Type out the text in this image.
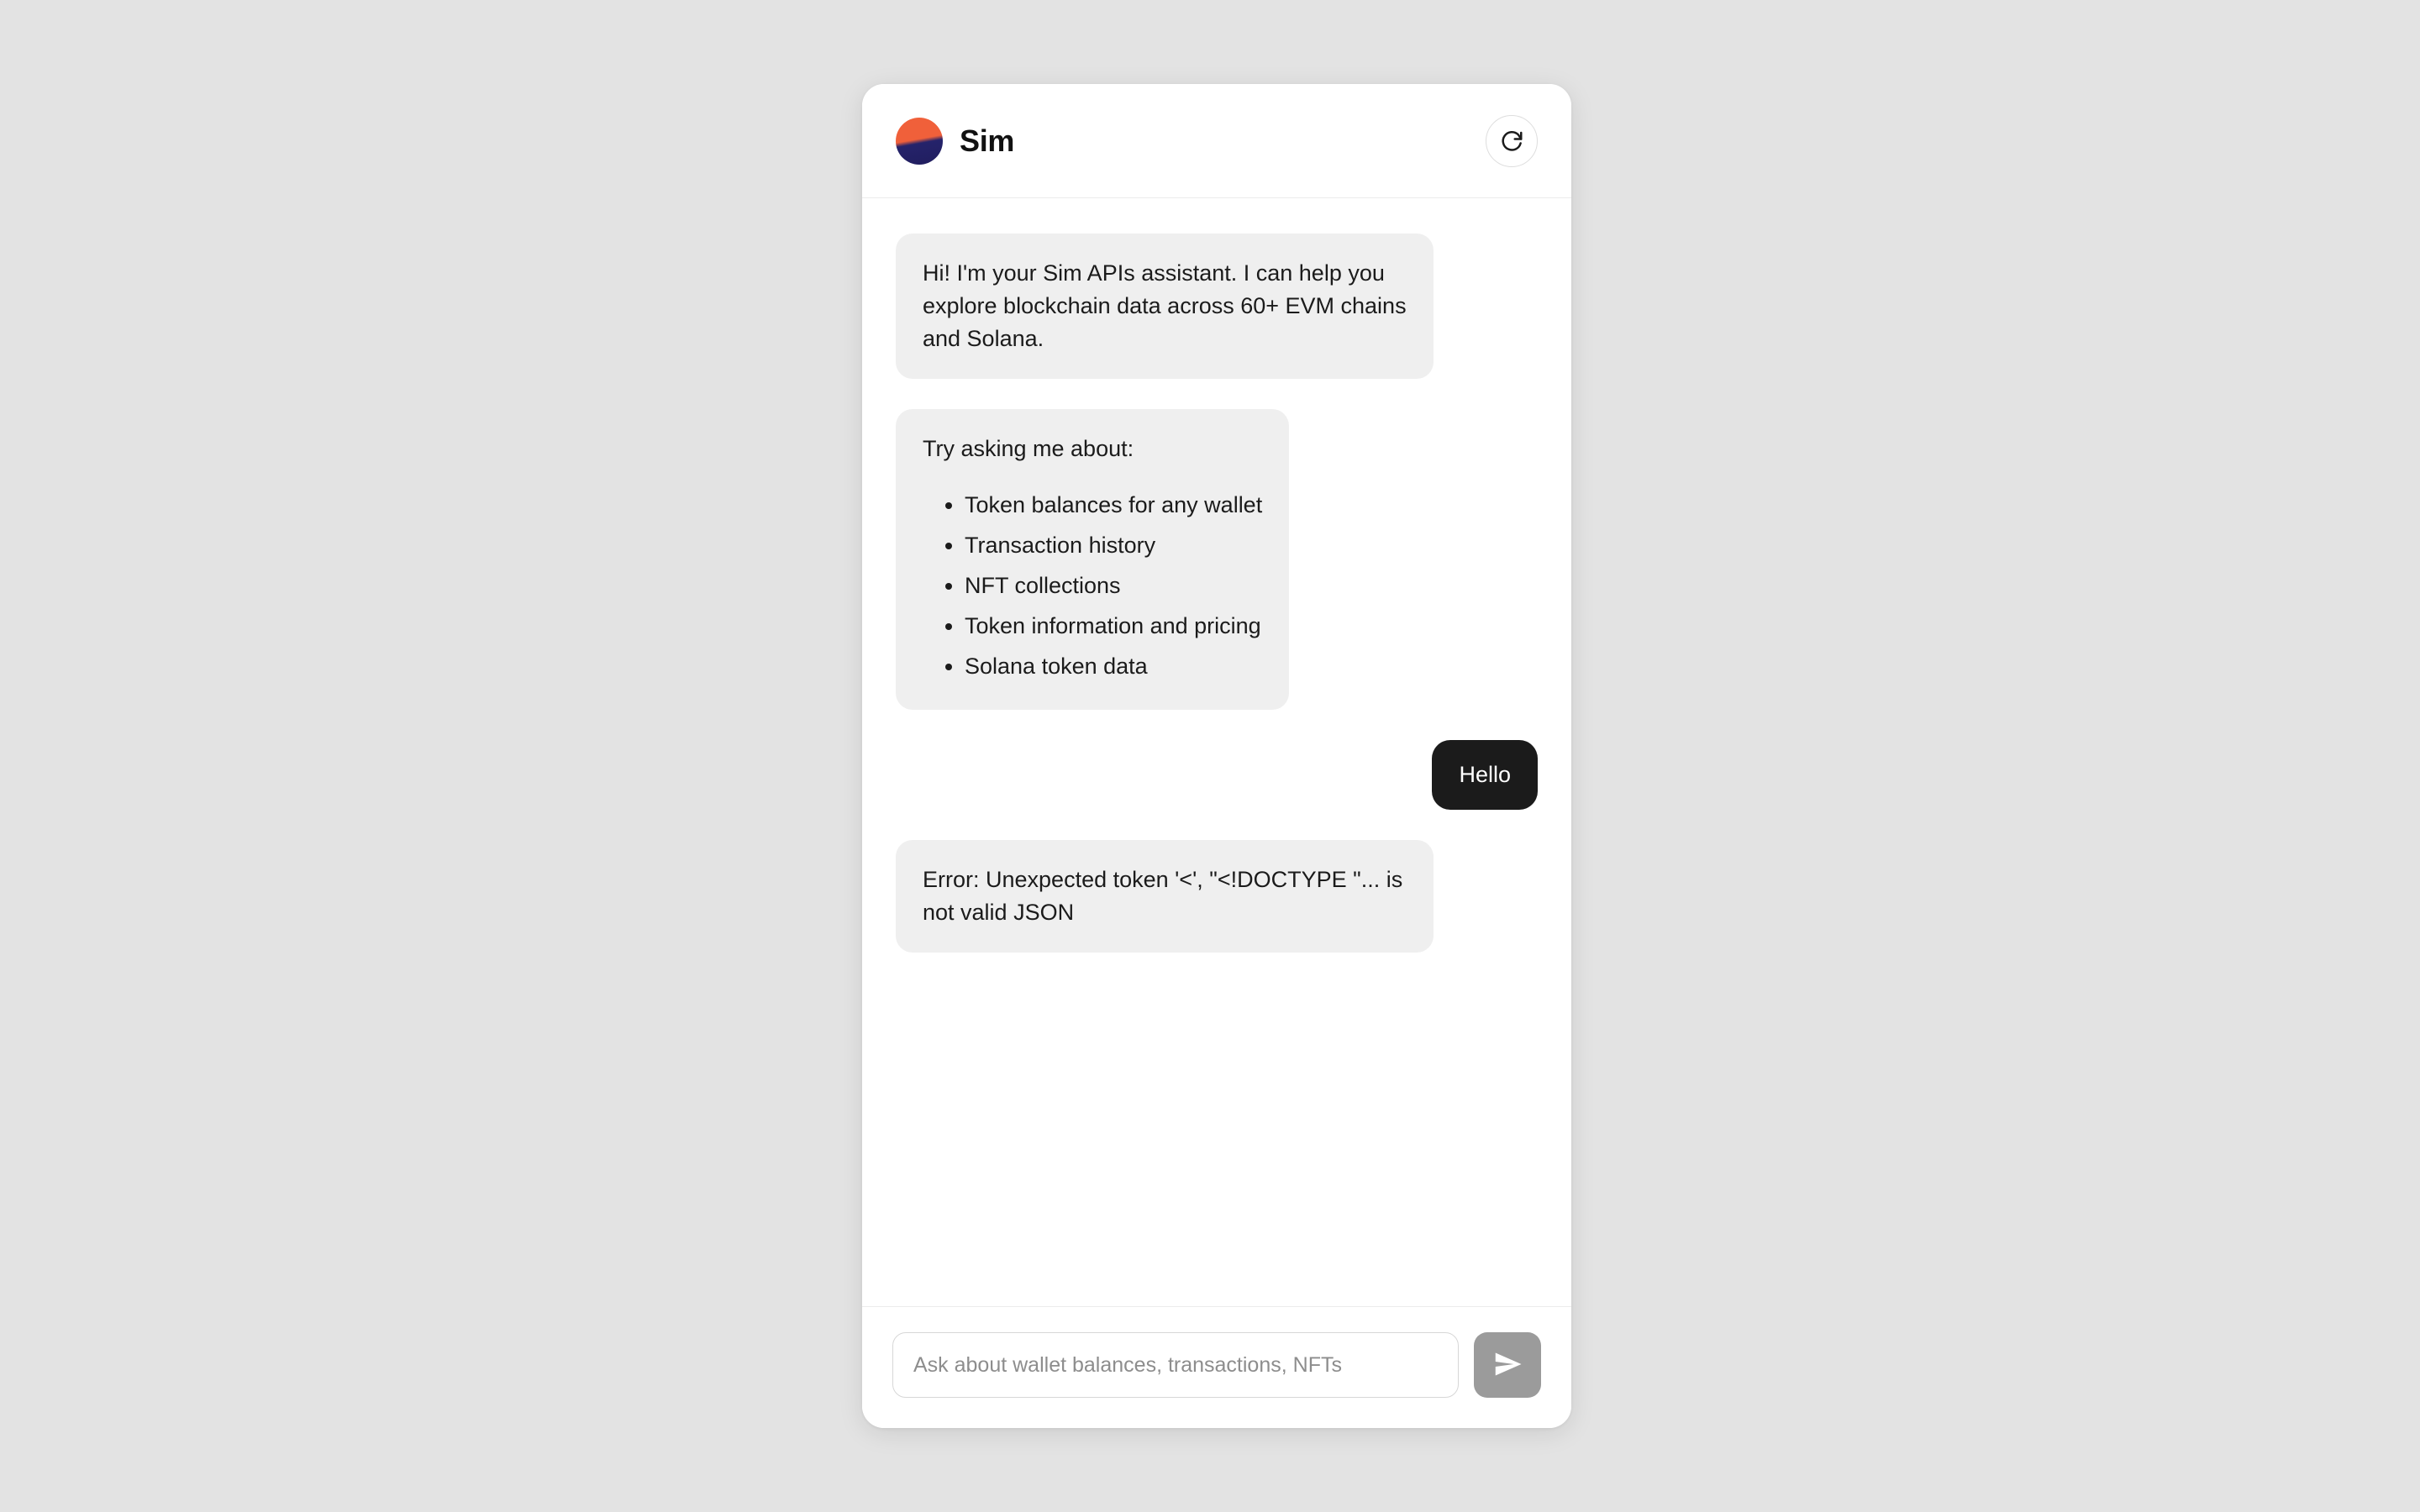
Sim
Hi! I'm your Sim APIs assistant. I can help you explore blockchain data across 60+ EVM chains and Solana.
Try asking me about:
• Token balances for any wallet
• Transaction history
• NFT collections
• Token information and pricing
• Solana token data
Hello
Error: Unexpected token '<', "<!DOCTYPE "... is not valid JSON
Ask about wallet balances, transactions, NFTs
